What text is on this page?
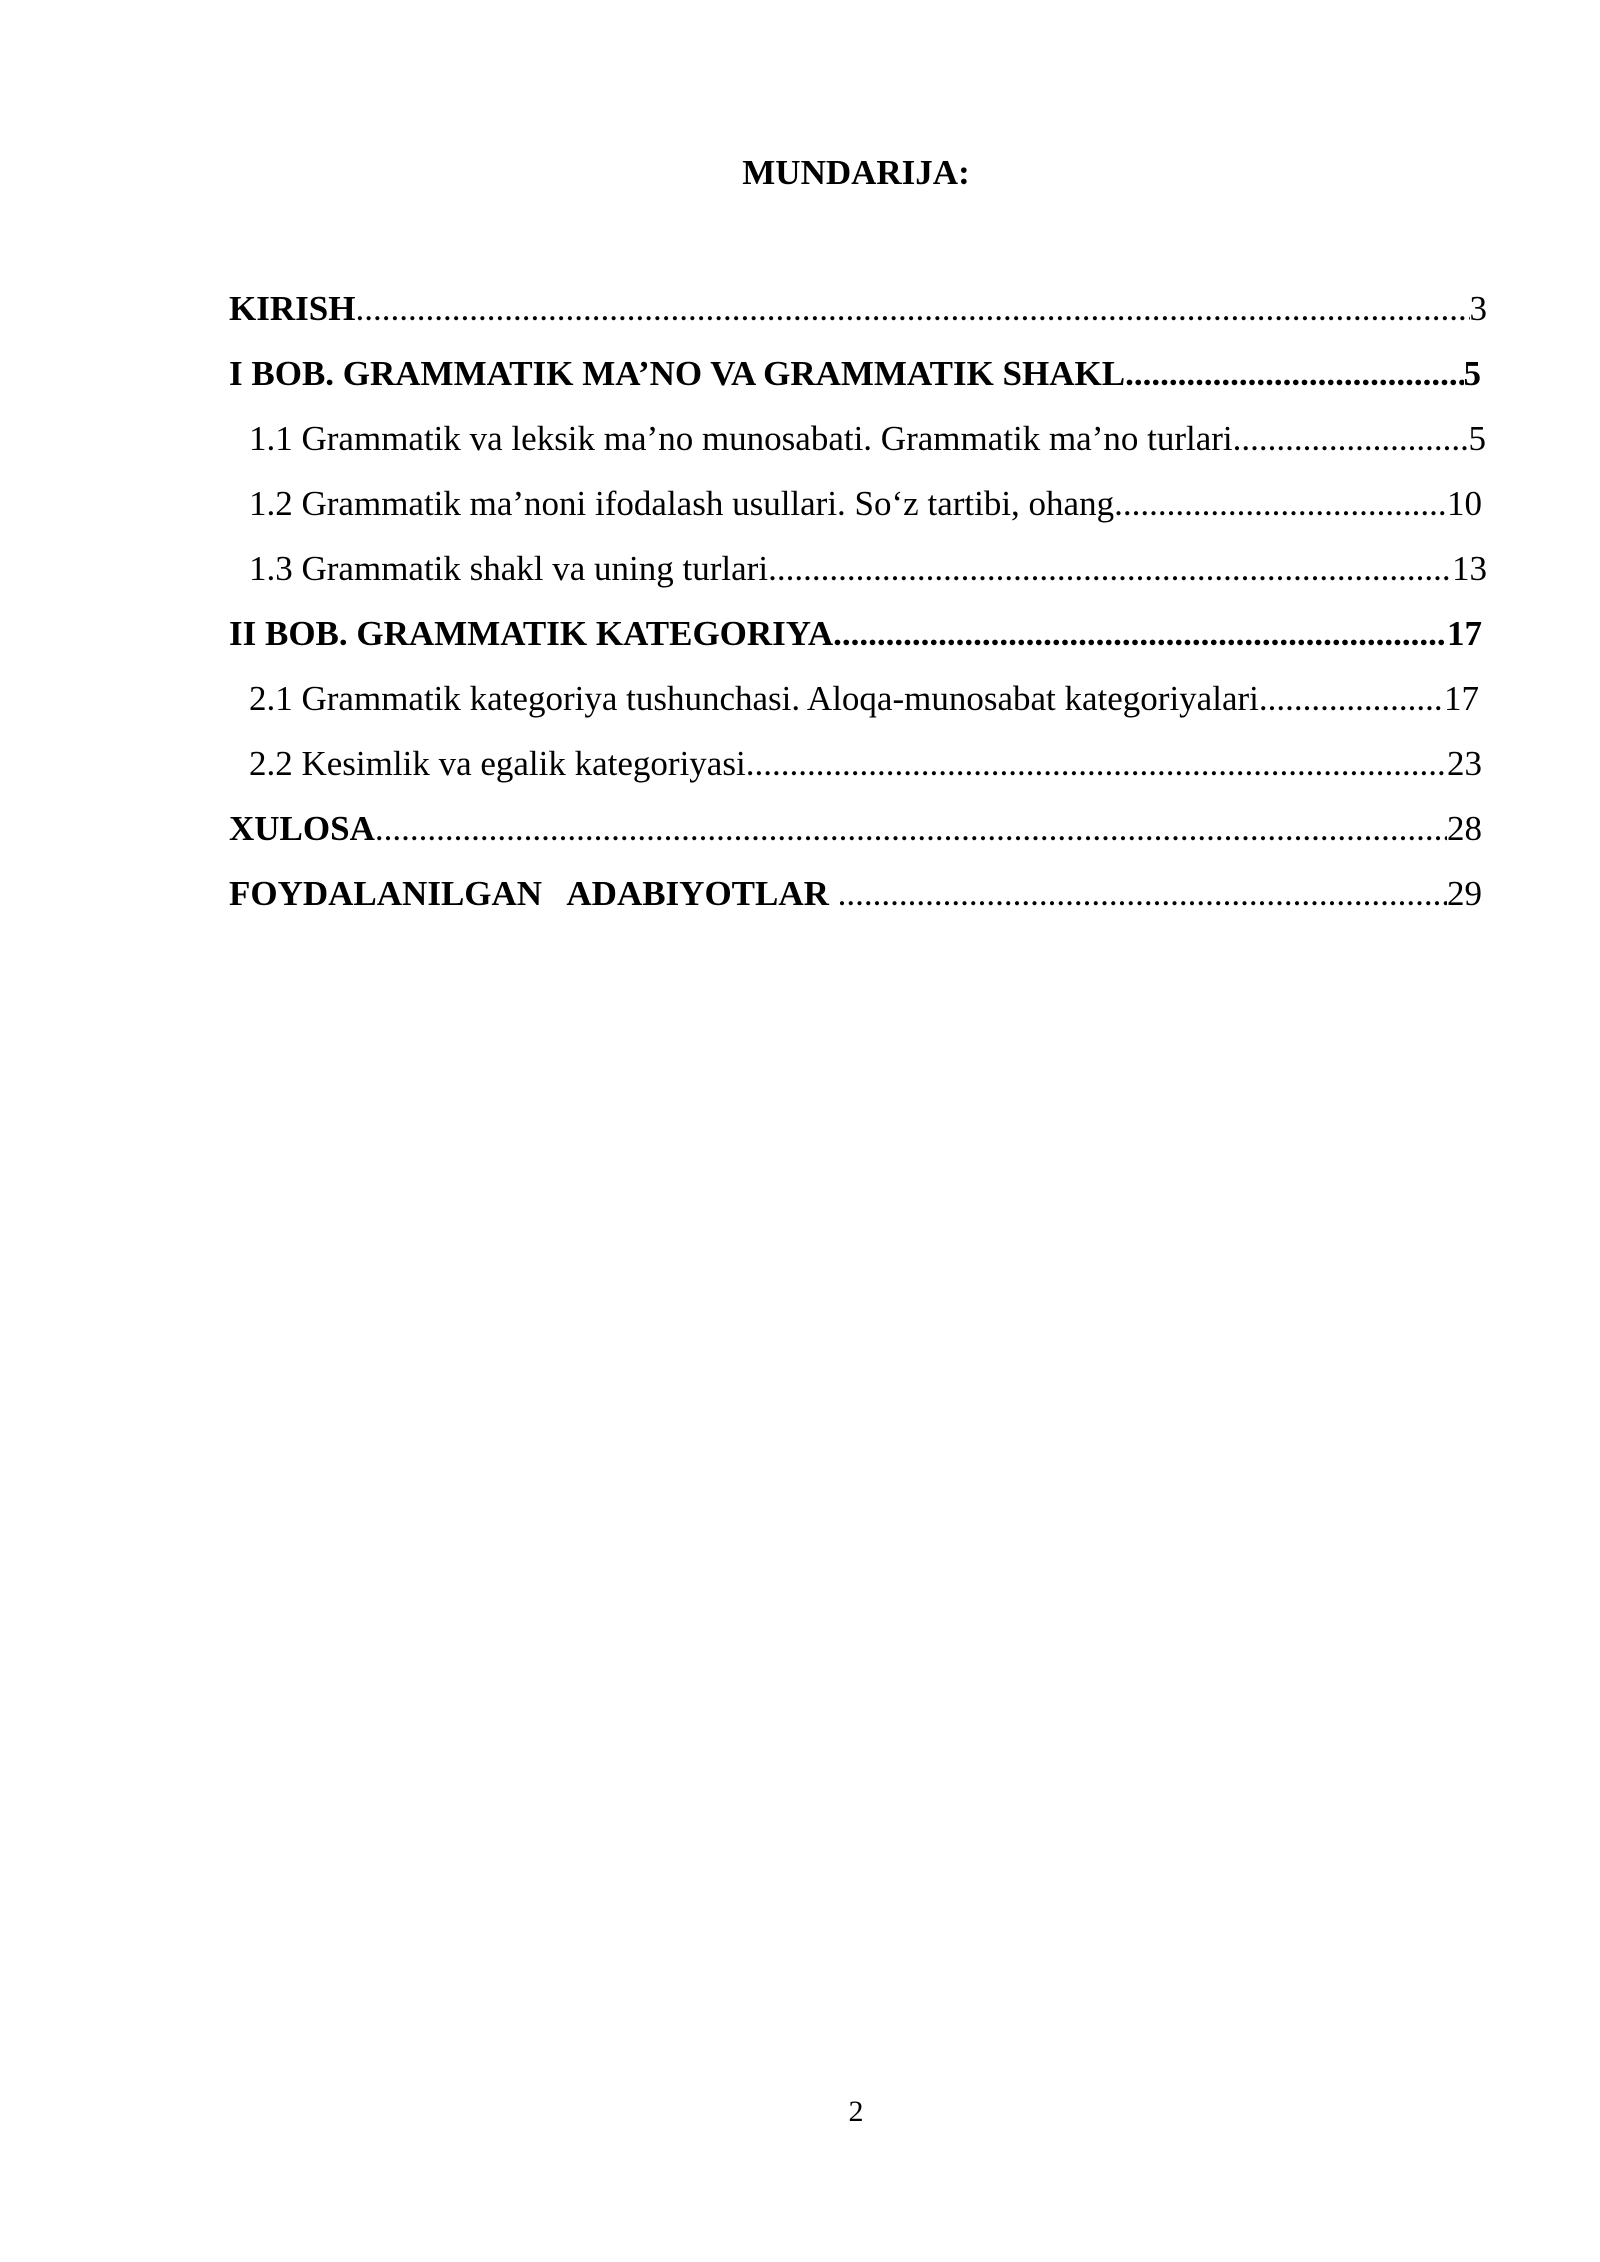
MUNDARIJA:
KIRISH .....	3
I BOB. GRAMMATIK MA’NO VA GRAMMATIK SHAKL .....	5
1.1 Grammatik va leksik ma’no munosabati. Grammatik ma’no turlari .....	5
1.2 Grammatik ma’noni ifodalash usullari. So‘z tartibi, ohang .....	10
1.3 Grammatik shakl va uning turlari .....	13
II BOB. GRAMMATIK KATEGORIYA .....	17
2.1 Grammatik kategoriya tushunchasi. Aloqa-munosabat kategoriyalari .....	17
2.2 Kesimlik va egalik kategoriyasi .....	23
XULOSA .....	28
FOYDALANILGAN   ADABIYOTLAR .....	29
2
